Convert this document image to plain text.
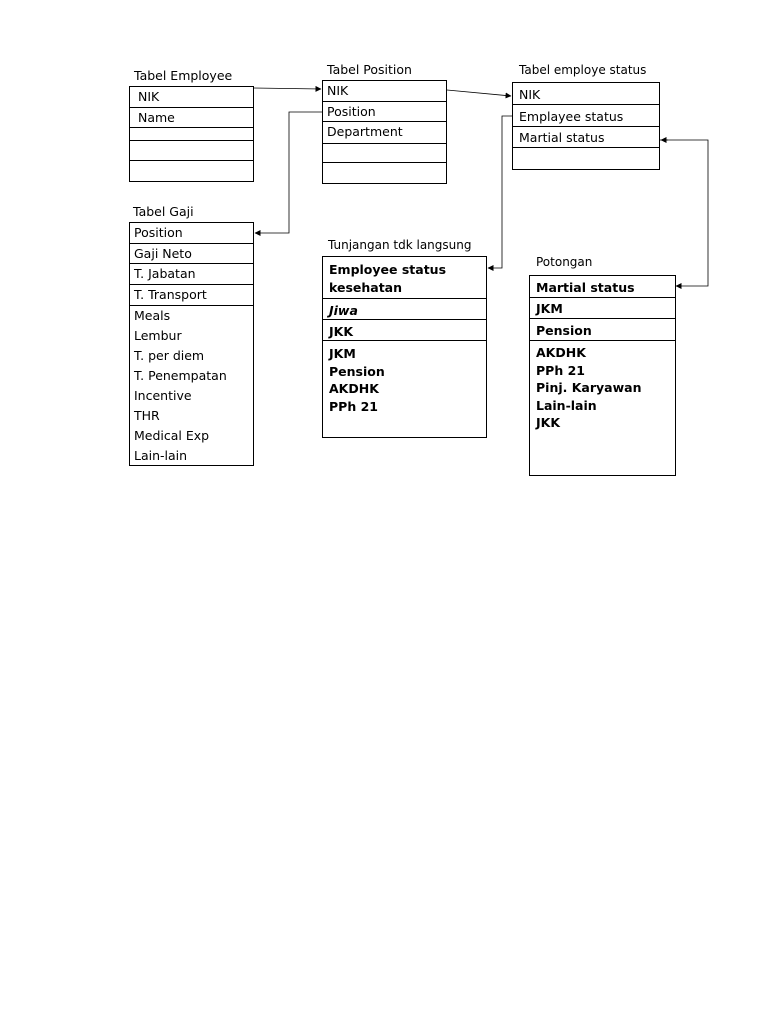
Tabel Employee
NIK
Name
Tabel Position
NIK
Position
Department
Tabel employe status
NIK
Emplayee status
Martial status
Tabel Gaji
Position
Gaji Neto
T. Jabatan
T. Transport
Meals
Lembur
T. per diem
T. Penempatan
Incentive
THR
Medical Exp
Lain-lain
Tunjangan tdk langsung
Employee status
kesehatan
Jiwa
JKK
JKM
Pension
AKDHK
PPh 21
Potongan
Martial status
JKM
Pension
AKDHK
PPh 21
Pinj. Karyawan
Lain-lain
JKK
